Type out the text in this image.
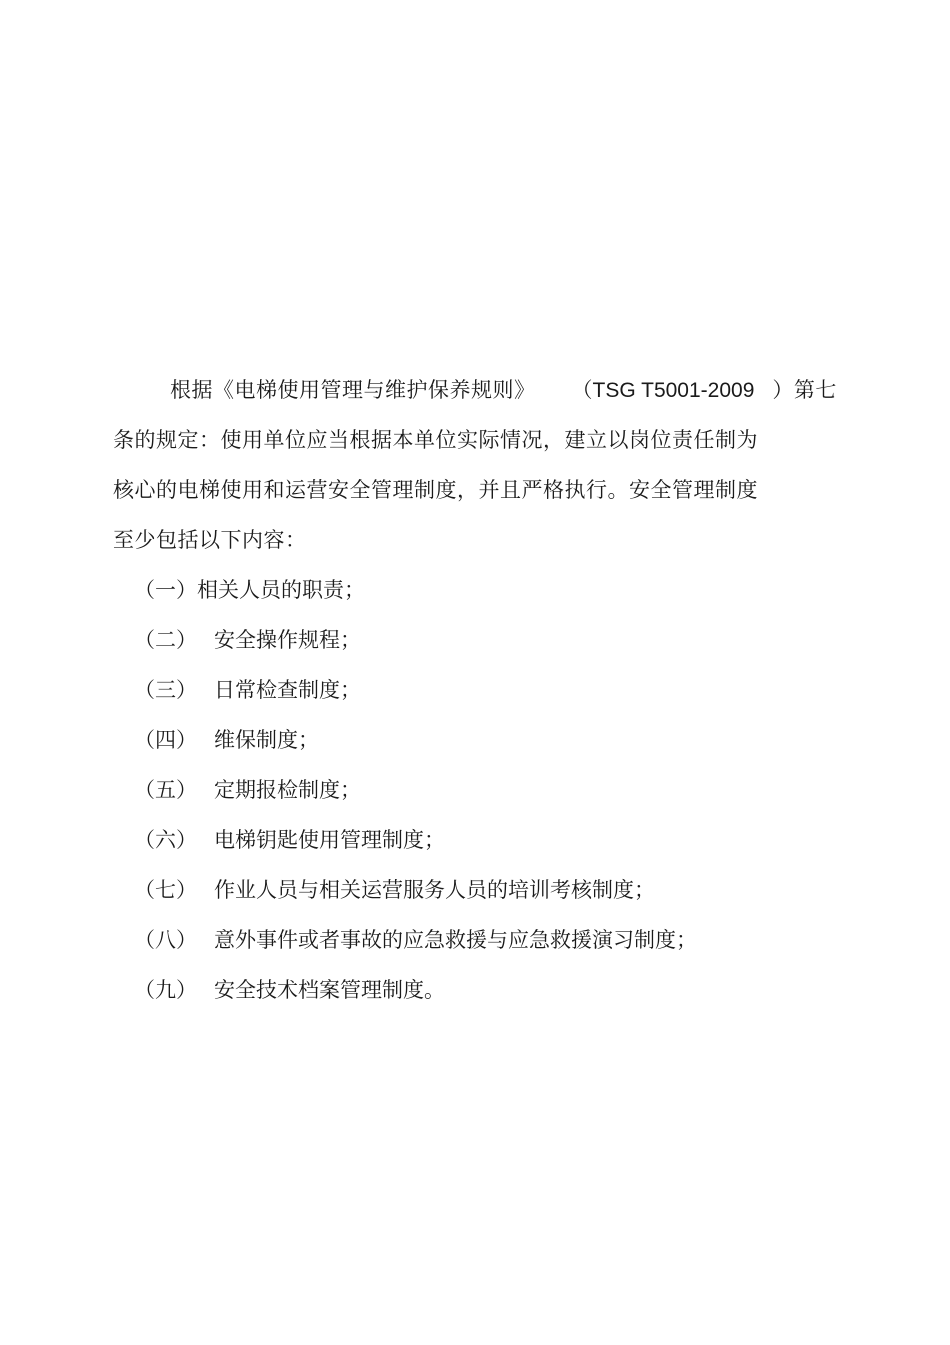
根据《电梯使用管理与维护保养规则》 （TSG T5001-2009 ）第七
条的规定：使用单位应当根据本单位实际情况，建立以岗位责任制为
核心的电梯使用和运营安全管理制度，并且严格执行。安全管理制度
至少包括以下内容：
（一）相关人员的职责；
（二） 安全操作规程；
（三） 日常检查制度；
（四） 维保制度；
（五） 定期报检制度；
（六） 电梯钥匙使用管理制度；
（七） 作业人员与相关运营服务人员的培训考核制度；
（八） 意外事件或者事故的应急救援与应急救援演习制度；
（九） 安全技术档案管理制度。
